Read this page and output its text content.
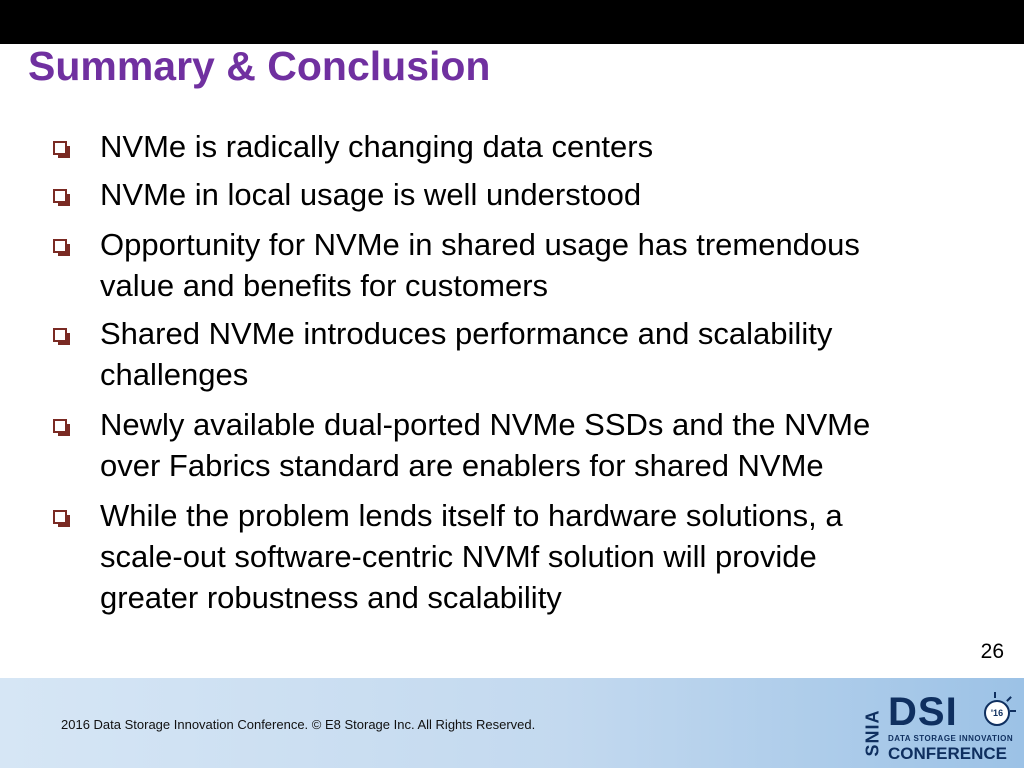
Summary & Conclusion
NVMe is radically changing data centers
NVMe in local usage is well understood
Opportunity for NVMe in shared usage has tremendous
value and benefits for customers
Shared NVMe introduces performance and scalability
challenges
Newly available dual-ported NVMe SSDs and the NVMe
over Fabrics standard are enablers for shared NVMe
While the problem lends itself to hardware solutions, a
scale-out software-centric NVMf solution will provide
greater robustness and scalability
26
2016 Data Storage Innovation Conference. © E8 Storage Inc. All Rights Reserved.	SNIA DSI	'16
DATA STORAGE INNOVATION
CONFERENCE
